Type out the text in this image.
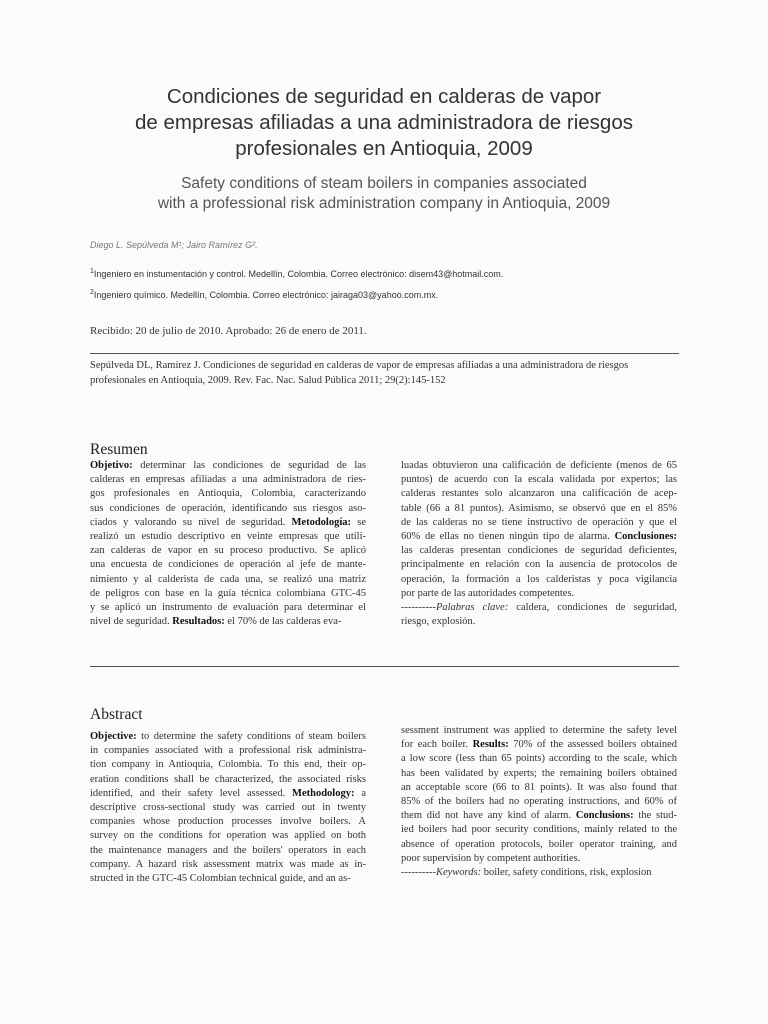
Condiciones de seguridad en calderas de vapor
de empresas afiliadas a una administradora de riesgos
profesionales en Antioquia, 2009
Safety conditions of steam boilers in companies associated
with a professional risk administration company in Antioquia, 2009
Diego L. Sepúlveda M¹; Jairo Ramírez G².
$^1$Ingeniero en instumentación y control. Medellín, Colombia. Correo electrónico: disem43@hotmail.com.
$^2$Ingeniero químico. Medellín, Colombia. Correo electrónico: jairaga03@yahoo.com.mx.
Recibido: 20 de julio de 2010. Aprobado: 26 de enero de 2011.

Sepúlveda DL, Ramírez J. Condiciones de seguridad en calderas de vapor de empresas afiliadas a una administradora de riesgos
profesionales en Antioquia, 2009. Rev. Fac. Nac. Salud Pública 2011; 29(2):145-152

Resumen
Objetivo: determinar las condiciones de seguridad de las
calderas en empresas afiliadas a una administradora de ries-
gos profesionales en Antioquia, Colombia, caracterizando
sus condiciones de operación, identificando sus riesgos aso-
ciados y valorando su nivel de seguridad. Metodología: se
realizó un estudio descriptivo en veinte empresas que utili-
zan calderas de vapor en su proceso productivo. Se aplicó
una encuesta de condiciones de operación al jefe de mante-
nimiento y al calderista de cada una, se realizó una matriz
de peligros con base en la guía técnica colombiana GTC-45
y se aplicó un instrumento de evaluación para determinar el
nivel de seguridad. Resultados: el 70% de las calderas eva-
luadas obtuvieron una calificación de deficiente (menos de 65
puntos) de acuerdo con la escala validada por expertos; las
calderas restantes solo alcanzaron una calificación de acep-
table (66 a 81 puntos). Asimismo, se observó que en el 85%
de las calderas no se tiene instructivo de operación y que el
60% de ellas no tienen ningún tipo de alarma. Conclusiones:
las calderas presentan condiciones de seguridad deficientes,
principalmente en relación con la ausencia de protocolos de
operación, la formación a los calderistas y poca vigilancia
por parte de las autoridades competentes.
----------Palabras clave: caldera, condiciones de seguridad,
riesgo, explosión.
Abstract
Objective: to determine the safety conditions of steam boilers
in companies associated with a professional risk administra-
tion company in Antioquia, Colombia. To this end, their op-
eration conditions shall be characterized, the associated risks
identified, and their safety level assessed. Methodology: a
descriptive cross-sectional study was carried out in twenty
companies whose production processes involve boilers. A
survey on the conditions for operation was applied on both
the maintenance managers and the boilers' operators in each
company. A hazard risk assessment matrix was made as in-
structed in the GTC-45 Colombian technical guide, and an as-
sessment instrument was applied to determine the safety level
for each boiler. Results: 70% of the assessed boilers obtained
a low score (less than 65 points) according to the scale, which
has been validated by experts; the remaining boilers obtained
an acceptable score (66 to 81 points). It was also found that
85% of the boilers had no operating instructions, and 60% of
them did not have any kind of alarm. Conclusions: the stud-
ied boilers had poor security conditions, mainly related to the
absence of operation protocols, boiler operator training, and
poor supervision by competent authorities.
----------Keywords: boiler, safety conditions, risk, explosion
